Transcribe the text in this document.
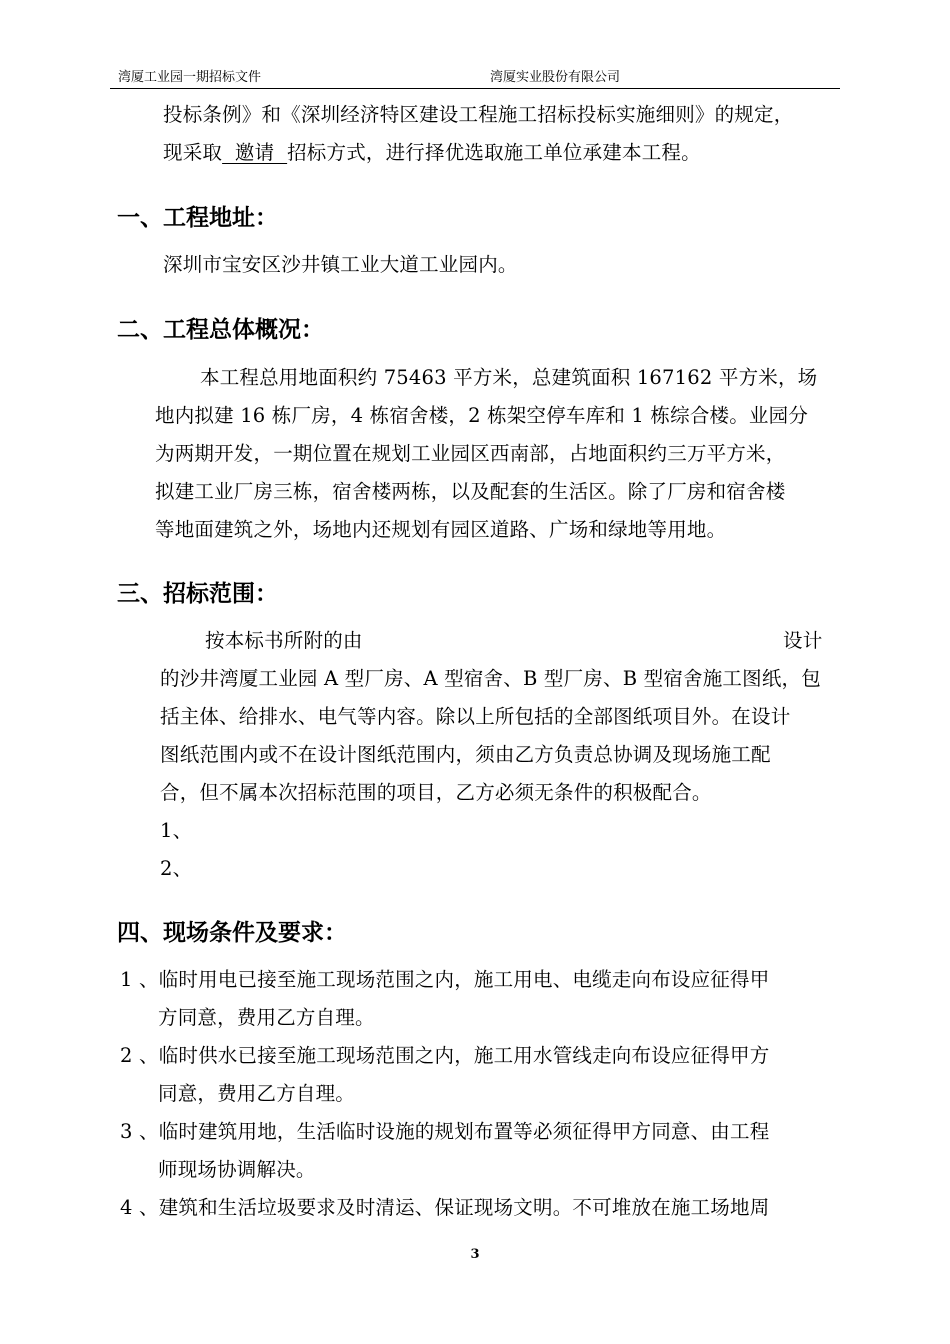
湾厦工业园一期招标文件	湾厦实业股份有限公司
投标条例》和《深圳经济特区建设工程施工招标投标实施细则》的规定，
现采取  邀请  招标方式，进行择优选取施工单位承建本工程。
一、工程地址：
深圳市宝安区沙井镇工业大道工业园内。
二、工程总体概况：
本工程总用地面积约 75463 平方米，总建筑面积 167162 平方米，场
地内拟建 16 栋厂房，4 栋宿舍楼，2 栋架空停车库和 1 栋综合楼。业园分
为两期开发，一期位置在规划工业园区西南部，占地面积约三万平方米，
拟建工业厂房三栋，宿舍楼两栋，以及配套的生活区。除了厂房和宿舍楼
等地面建筑之外，场地内还规划有园区道路、广场和绿地等用地。
三、招标范围：
按本标书所附的由	设计
的沙井湾厦工业园 A 型厂房、A 型宿舍、B 型厂房、B 型宿舍施工图纸，包
括主体、给排水、电气等内容。除以上所包括的全部图纸项目外。在设计
图纸范围内或不在设计图纸范围内，须由乙方负责总协调及现场施工配
合，但不属本次招标范围的项目，乙方必须无条件的积极配合。
1、
2、
四、现场条件及要求：
1 、临时用电已接至施工现场范围之内，施工用电、电缆走向布设应征得甲
方同意，费用乙方自理。
2 、临时供水已接至施工现场范围之内，施工用水管线走向布设应征得甲方
同意，费用乙方自理。
3 、临时建筑用地，生活临时设施的规划布置等必须征得甲方同意、由工程
师现场协调解决。
4 、建筑和生活垃圾要求及时清运、保证现场文明。不可堆放在施工场地周
3
